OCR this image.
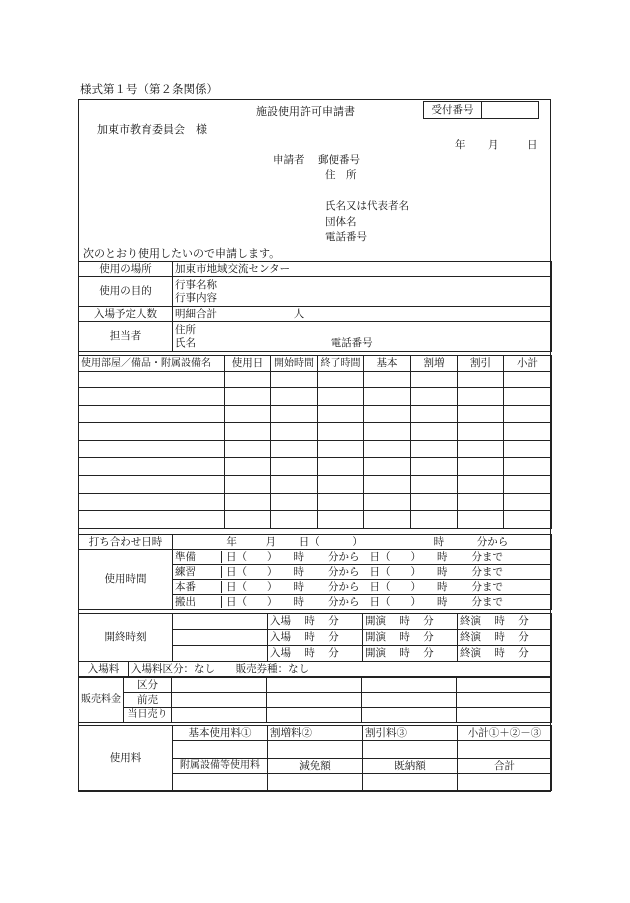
様式第１号（第２条関係）
施設使用許可申請書	受付番号
加東市教育委員会　様
年 月	日
申請者 郵便番号
住　所
氏名又は代表者名
団体名
電話番号
次のとおり使用したいので申請します。
使用の場所	加東市地域交流センター
使用の目的	行事名称
行事内容

入場予定人数	明細合計 人
担当者	住所
氏名 電話番号
使用部屋／備品・附属設備名	使用日	開始時間	終了時間	基本	割増	割引	小計

打ち合わせ日時	年	月 日（	）	時	分から
使用時間	準備	日（ ） 時 分から 日（ ） 時 分まで
練習	日（ ） 時 分から 日（ ） 時 分まで
本番	日（ ） 時 分から 日（ ） 時 分まで
搬出	日（ ） 時 分から 日（ ） 時 分まで
開終時刻		入場 時 分	開演 時 分	終演 時 分
		入場 時 分	開演 時 分	終演 時 分
		入場 時 分	開演 時 分	終演 時 分
入場料	入場料区分：なし 販売券種：なし
販売料金	区分				
	前売				
	当日売り				
使用料	基本使用料①	割増料②	割引料③	小計①＋②－③

	附属設備等使用料	減免額	既納額	合計
